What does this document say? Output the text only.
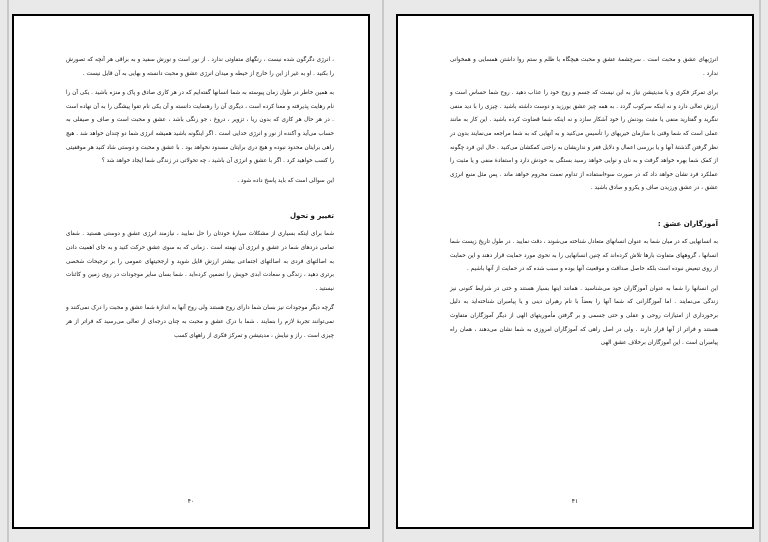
، انرژی دگرگون شده نیست ، رنگهای متفاوتی ندارد . از نور است و نورش سفید و به براقی هر آنچه که تصورش را بکنید . او به غیر از این را خارج از حیطه و میدان انرژی عشق و محبت دانسته و بهایی به آن قایل نیست .

به همین خاطر در طول زمان پیوسته به شما انسانها گفته‌ایم که در هر کاری صادق و پاک و منزه باشید . یکی آن را نام رهایت پذیرفته و معنا کرده است ، دیگری آن را رهنمایت دانسته و آن یکی نام تقوا پیشگی را به آن نهاده است . در هر حال هر کاری که بدون ریا ، تزویر ، دروغ ، جو رنگی باشد ، عشق و محبت است و صاف و صیقلی به حساب می‌آید و آکنده از نور و انرژی خدایی است . اگر اینگونه باشید همیشه انرژی شما دو چندان خواهد شد . هیچ راهی برایتان محدود نبوده و هیچ دری برایتان مسدود نخواهد بود . با عشق و محبت و دوستی شاد کنید هر موفقیتی را کسب خواهید کرد . اگر با عشق و انرژی آن باشید ، چه تحولاتی در زندگی شما ایجاد خواهد شد ؟

این سوالی است که باید پاسخ داده شود .

تغییر و تحول

شما برای اینکه بسیاری از مشکلات سیارهٔ خودتان را حل نمایید ، نیازمند انرژی عشق و دوستی هستید . شفای تمامی دردهای شما در عشق و انرژی آن نهفته است . زمانی که به سوی عشق حرکت کنید و به جای اهمیت دادن به اصالتهای فردی به اصالتهای اجتماعی بیشتر ارزش قایل شوید و ارجحیتهای عمومی را بر ترجیحات شخصی برتری دهید ، زندگی و سعادت ابدی خویش را تضمین کرده‌اید . شما بسان سایر موجودات در روی زمین و کائنات نیستید .

گرچه دیگر موجودات نیز بسان شما دارای روح هستند ولی روح آنها به اندازهٔ شما عشق و محبت را درک نمی‌کنند و نمی‌توانند تجربهٔ لازم را بنمایند . شما با درک عشق و محبت به چنان درجه‌ای از تعالی می‌رسید که فراتر از هر چیزی است . راز و نیایش ، مدیتیشن و تمرکز فکری از راههای کسب

۴۰

انرژیهای عشق و محبت است . سرچشمهٔ عشق و محبت هیچگاه با ظلم و ستم روا داشتن همسایی و همخوانی ندارد .

برای تمرکز فکری و یا مدیتیشن نیاز به این نیست که جسم و روح خود را عذاب دهید . روح شما حساس است و ارزش تعالی دارد و نه اینکه سرکوب گردد . به همه چیز عشق بورزید و دوست داشته باشید . چیزی را با دید منفی ننگرید و گفتارید منفی یا مثبت بودنش را خود آشکار سازد و نه اینکه شما قضاوت کرده باشید . این کار به مانند عملی است که شما وقتی با سازمان خیریهای را تأسیس می‌کنید و به آنهایی که به شما مراجعه می‌نمایند بدون در نظر گرفتن گذشتهٔ آنها و یا بررسی اعمال و دلایل فقر و نداریشان به راحتی کمکشان می‌کنید . حال این فرد چگونه از کمک شما بهره خواهد گرفت و به نان و نوایی خواهد رسید بستگی به خودش دارد و استفادهٔ منفی و یا مثبت را عملکرد فرد نشان خواهد داد که در صورت سوءاستفاده از تداوم نعمت محروم خواهد ماند . پس مثل منبع انرژی عشق ، در عشق ورزیدن صاف و یکرو و صادق باشید .

آموزگاران عشق :

به انسانهایی که در میان شما به عنوان انسانهای متعادل شناخته می‌شوند ، دقت نمایید . در طول تاریخ زیست شما انسانها ، گروههای متفاوت بارها تلاش کرده‌اند که چنین انسانهایی را به نحوی مورد حمایت قرار دهند و این حمایت از روی تبعیض نبوده است بلکه حاصل صداقت و موقعیت آنها بوده و سبب شده که در حمایت از آنها باشیم .

این انسانها را شما به عنوان آموزگاران خود می‌شناسید . همانند اینها بسیار هستند و حتی در شرایط کنونی نیز زندگی می‌نمایند . اما آموزگارانی که شما آنها را بعضاً با نام رهبران دینی و یا پیامبران شناخته‌اید به دلیل برخورداری از امتیازات روحی و عقلی و حتی جسمی و بر گرفتن مأموریتهای الهی از دیگر آموزگاران متفاوت هستند و فراتر از آنها قرار دارند . ولی در اصل راهی که آموزگاران امروزی به شما نشان می‌دهند ، همان راه پیامبران است . این آموزگاران برخلاف عشق الهی

۴۱
